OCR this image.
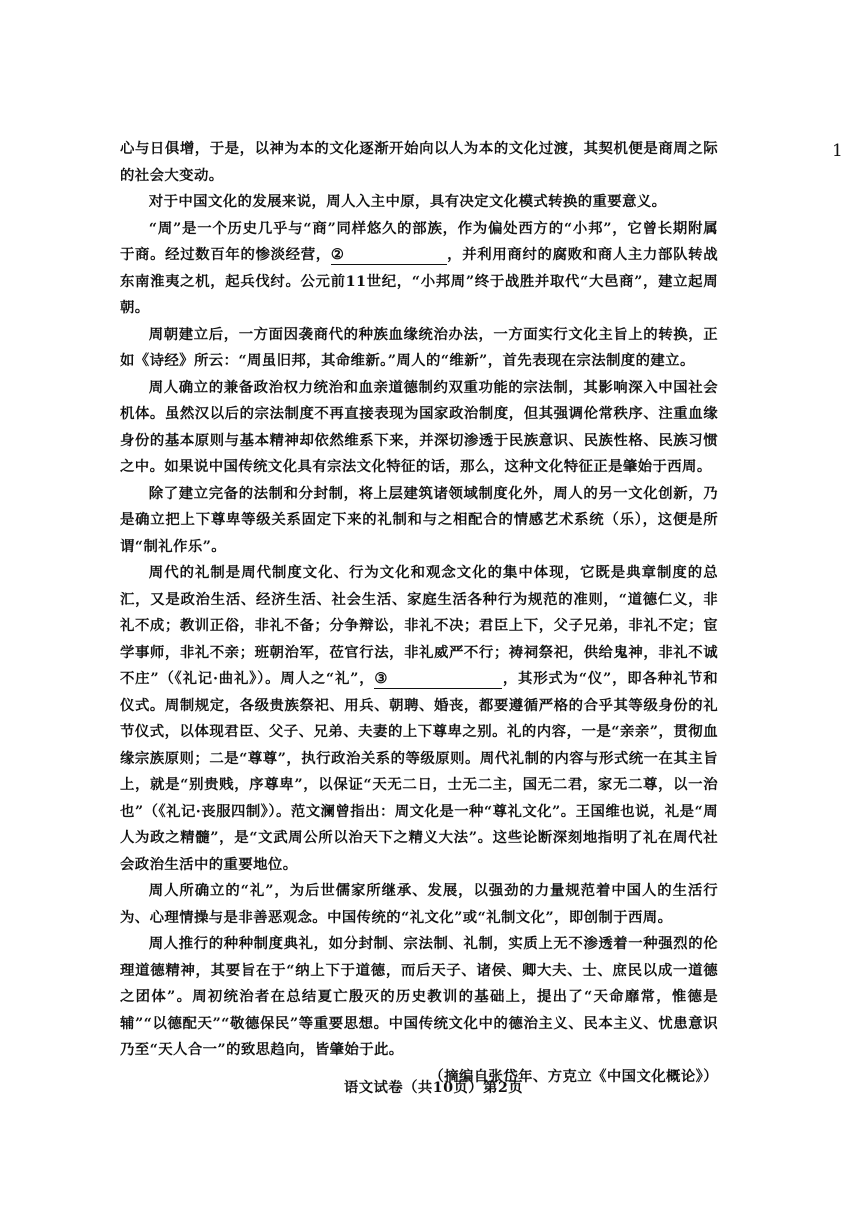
1

心与日俱增，于是，以神为本的文化逐渐开始向以人为本的文化过渡，其契机便是商周之际的社会大变动。

对于中国文化的发展来说，周人入主中原，具有决定文化模式转换的重要意义。

“周”是一个历史几乎与“商”同样悠久的部族，作为偏处西方的“小邦”，它曾长期附属于商。经过数百年的惨淡经营，②	，并利用商纣的腐败和商人主力部队转战东南淮夷之机，起兵伐纣。公元前11世纪，“小邦周”终于战胜并取代“大邑商”，建立起周朝。

周朝建立后，一方面因袭商代的种族血缘统治办法，一方面实行文化主旨上的转换，正如《诗经》所云：“周虽旧邦，其命维新。”周人的“维新”，首先表现在宗法制度的建立。

周人确立的兼备政治权力统治和血亲道德制约双重功能的宗法制，其影响深入中国社会机体。虽然汉以后的宗法制度不再直接表现为国家政治制度，但其强调伦常秩序、注重血缘身份的基本原则与基本精神却依然维系下来，并深切渗透于民族意识、民族性格、民族习惯之中。如果说中国传统文化具有宗法文化特征的话，那么，这种文化特征正是肇始于西周。

除了建立完备的法制和分封制，将上层建筑诸领域制度化外，周人的另一文化创新，乃是确立把上下尊卑等级关系固定下来的礼制和与之相配合的情感艺术系统（乐），这便是所谓“制礼作乐”。

周代的礼制是周代制度文化、行为文化和观念文化的集中体现，它既是典章制度的总汇，又是政治生活、经济生活、社会生活、家庭生活各种行为规范的准则，“道德仁义，非礼不成；教训正俗，非礼不备；分争辩讼，非礼不决；君臣上下，父子兄弟，非礼不定；宦学事师，非礼不亲；班朝治军，莅官行法，非礼威严不行；祷祠祭祀，供给鬼神，非礼不诚不庄”（《礼记·曲礼》）。周人之“礼”，③	，其形式为“仪”，即各种礼节和仪式。周制规定，各级贵族祭祀、用兵、朝聘、婚丧，都要遵循严格的合乎其等级身份的礼节仪式，以体现君臣、父子、兄弟、夫妻的上下尊卑之别。礼的内容，一是“亲亲”，贯彻血缘宗族原则；二是“尊尊”，执行政治关系的等级原则。周代礼制的内容与形式统一在其主旨上，就是“别贵贱，序尊卑”，以保证“天无二日，士无二主，国无二君，家无二尊，以一治也”（《礼记·丧服四制》）。范文澜曾指出：周文化是一种“尊礼文化”。王国维也说，礼是“周人为政之精髓”，是“文武周公所以治天下之精义大法”。这些论断深刻地指明了礼在周代社会政治生活中的重要地位。

周人所确立的“礼”，为后世儒家所继承、发展，以强劲的力量规范着中国人的生活行为、心理情操与是非善恶观念。中国传统的“礼文化”或“礼制文化”，即创制于西周。

周人推行的种种制度典礼，如分封制、宗法制、礼制，实质上无不渗透着一种强烈的伦理道德精神，其要旨在于“纳上下于道德，而后天子、诸侯、卿大夫、士、庶民以成一道德之团体”。周初统治者在总结夏亡殷灭的历史教训的基础上，提出了“天命靡常，惟德是辅”“以德配天”“敬德保民”等重要思想。中国传统文化中的德治主义、民本主义、忧患意识乃至“天人合一”的致思趋向，皆肇始于此。

（摘编自张岱年、方克立《中国文化概论》）

语文试卷（共10页）第2页
